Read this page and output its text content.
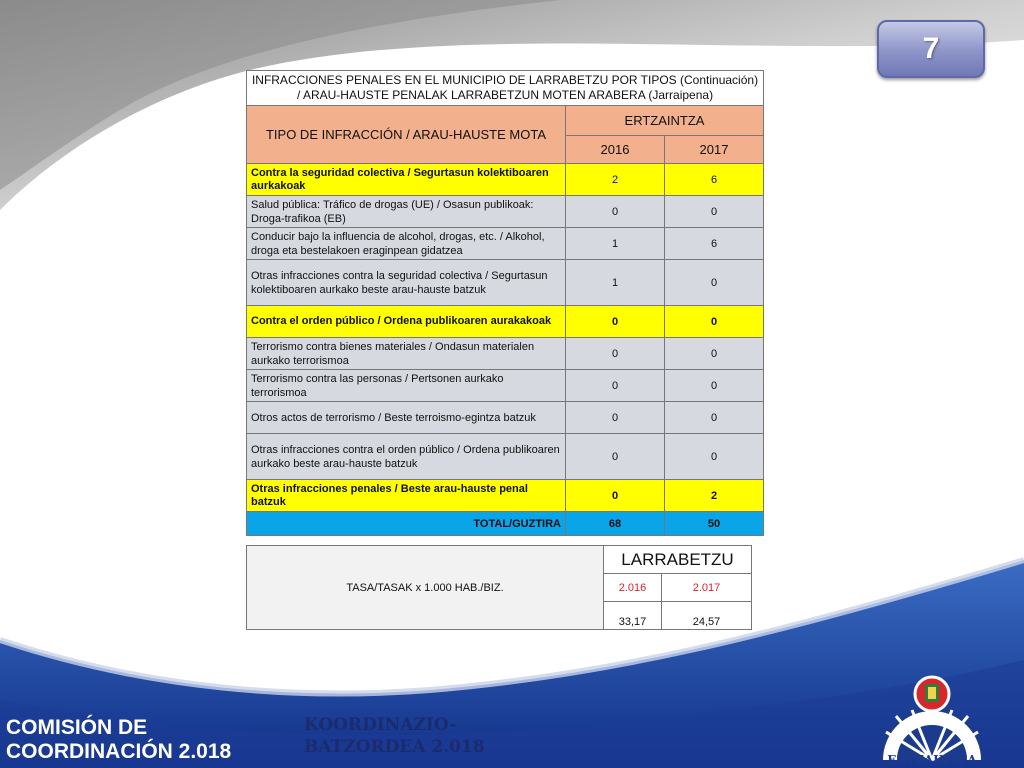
7
INFRACCIONES PENALES EN EL MUNICIPIO DE LARRABETZU POR TIPOS (Continuación) / ARAU-HAUSTE PENALAK LARRABETZUN MOTEN ARABERA (Jarraipena)		
TIPO DE INFRACCIÓN / ARAU-HAUSTE MOTA	ERTZAINTZA	
	2016	2017
Contra la seguridad colectiva / Segurtasun kolektiboaren aurkakoak	2	6
Salud pública: Tráfico de drogas (UE) / Osasun publikoak: Droga-trafikoa (EB)	0	0
Conducir bajo la influencia de alcohol, drogas, etc. / Alkohol, droga eta bestelakoen eraginpean gidatzea	1	6
Otras infracciones contra la seguridad colectiva / Segurtasun kolektiboaren aurkako beste arau-hauste batzuk	1	0
Contra el orden público / Ordena publikoaren aurakakoak	0	0
Terrorismo contra bienes materiales / Ondasun materialen aurkako terrorismoa	0	0
Terrorismo contra las personas / Pertsonen aurkako terrorismoa	0	0
Otros actos de terrorismo / Beste terroismo-egintza batzuk	0	0
Otras infracciones contra el orden público / Ordena publikoaren aurkako beste arau-hauste batzuk	0	0
Otras infracciones penales / Beste arau-hauste penal batzuk	0	2
TOTAL/GUZTIRA	68	50
TASA/TASAK x 1.000 HAB./BIZ.	LARRABETZU	
	2.016	2.017
	33,17	24,57
COMISIÓN DE
COORDINACIÓN 2.018
KOORDINAZIO-
BATZORDEA 2.018
ERTZAINTZA
